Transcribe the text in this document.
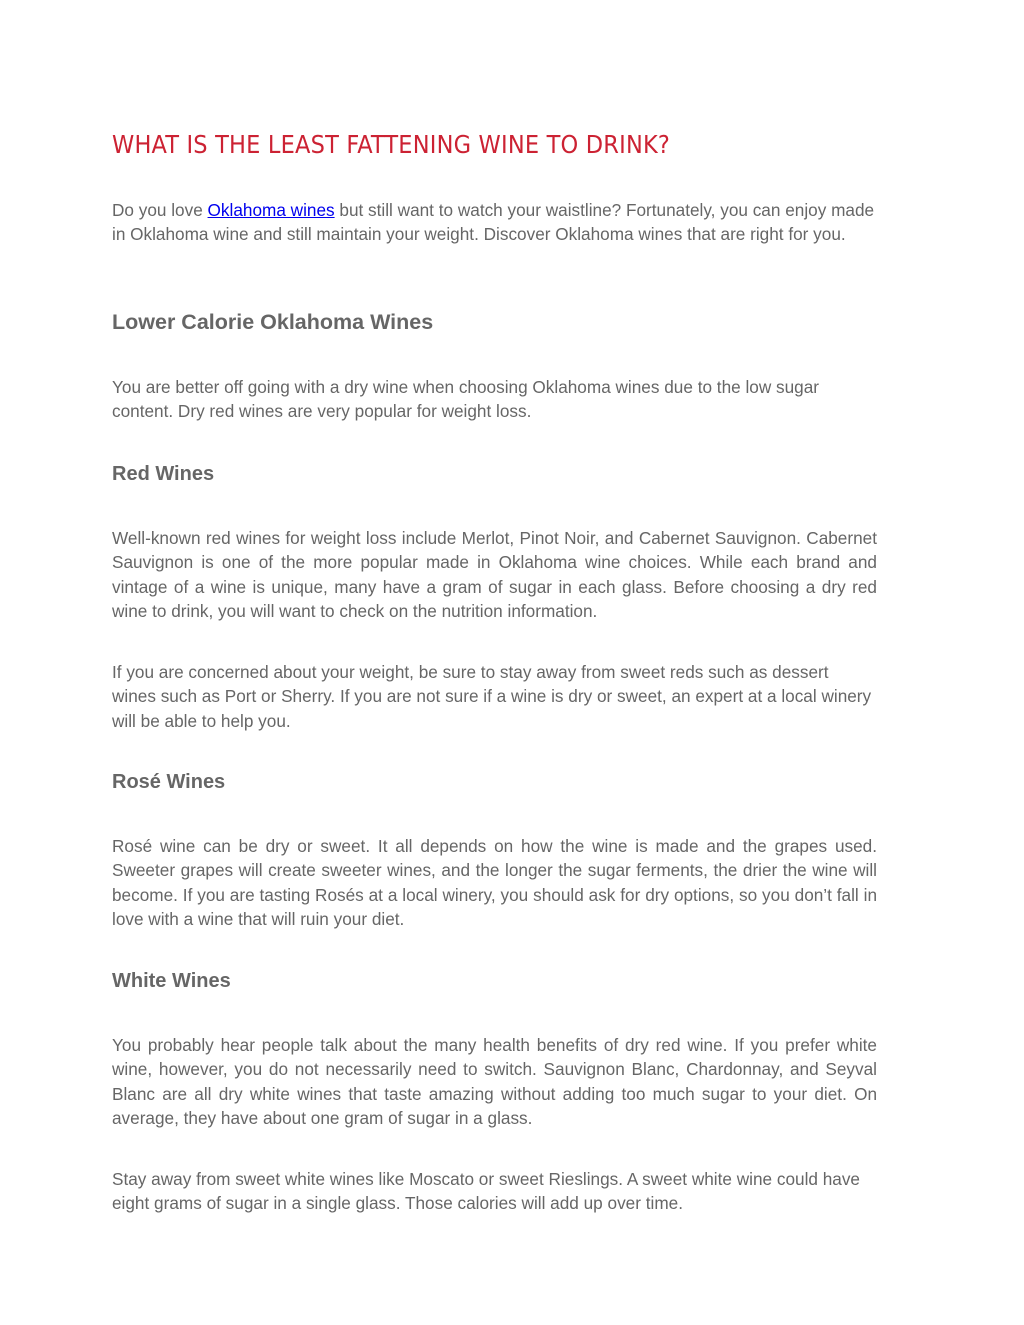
WHAT IS THE LEAST FATTENING WINE TO DRINK?

Do you love Oklahoma wines but still want to watch your waistline? Fortunately, you can enjoy made in Oklahoma wine and still maintain your weight. Discover Oklahoma wines that are right for you.

Lower Calorie Oklahoma Wines

You are better off going with a dry wine when choosing Oklahoma wines due to the low sugar content. Dry red wines are very popular for weight loss.

Red Wines

Well-known red wines for weight loss include Merlot, Pinot Noir, and Cabernet Sauvignon. Cabernet Sauvignon is one of the more popular made in Oklahoma wine choices. While each brand and vintage of a wine is unique, many have a gram of sugar in each glass. Before choosing a dry red wine to drink, you will want to check on the nutrition information.

If you are concerned about your weight, be sure to stay away from sweet reds such as dessert wines such as Port or Sherry. If you are not sure if a wine is dry or sweet, an expert at a local winery will be able to help you.

Rosé Wines

Rosé wine can be dry or sweet. It all depends on how the wine is made and the grapes used. Sweeter grapes will create sweeter wines, and the longer the sugar ferments, the drier the wine will become. If you are tasting Rosés at a local winery, you should ask for dry options, so you don’t fall in love with a wine that will ruin your diet.

White Wines

You probably hear people talk about the many health benefits of dry red wine. If you prefer white wine, however, you do not necessarily need to switch. Sauvignon Blanc, Chardonnay, and Seyval Blanc are all dry white wines that taste amazing without adding too much sugar to your diet. On average, they have about one gram of sugar in a glass.

Stay away from sweet white wines like Moscato or sweet Rieslings. A sweet white wine could have eight grams of sugar in a single glass. Those calories will add up over time.
